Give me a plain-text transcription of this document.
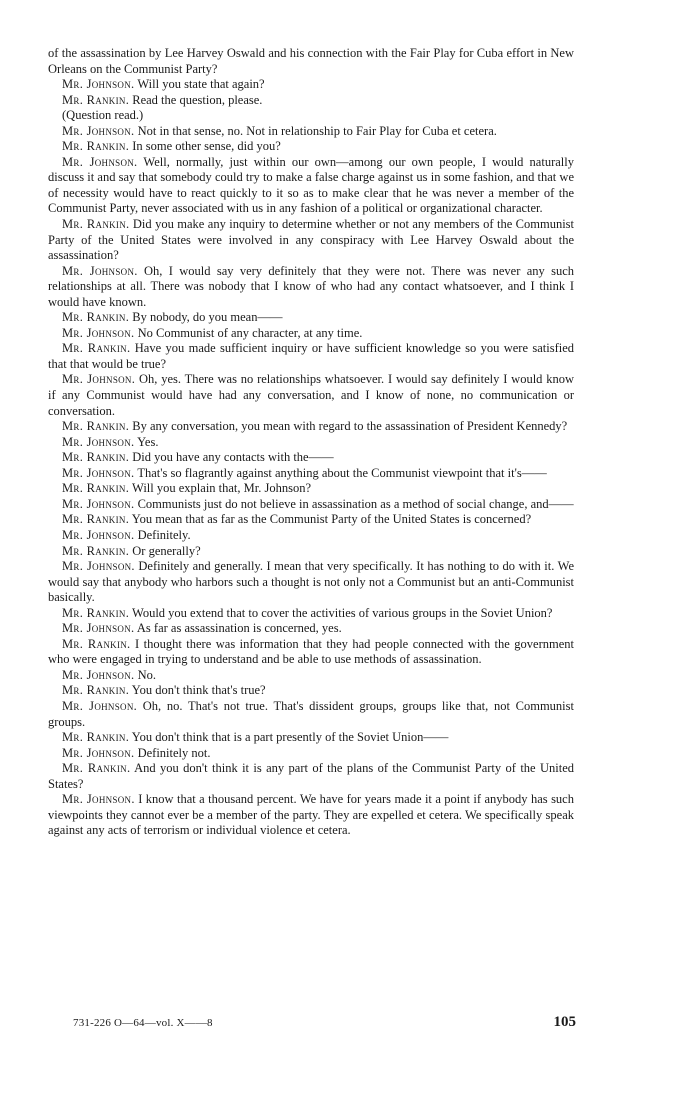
of the assassination by Lee Harvey Oswald and his connection with the Fair Play for Cuba effort in New Orleans on the Communist Party?

Mr. Johnson. Will you state that again?

Mr. Rankin. Read the question, please.

(Question read.)

Mr. Johnson. Not in that sense, no. Not in relationship to Fair Play for Cuba et cetera.

Mr. Rankin. In some other sense, did you?

Mr. Johnson. Well, normally, just within our own—among our own people, I would naturally discuss it and say that somebody could try to make a false charge against us in some fashion, and that we of necessity would have to react quickly to it so as to make clear that he was never a member of the Communist Party, never associated with us in any fashion of a political or organizational character.

Mr. Rankin. Did you make any inquiry to determine whether or not any members of the Communist Party of the United States were involved in any conspiracy with Lee Harvey Oswald about the assassination?

Mr. Johnson. Oh, I would say very definitely that they were not. There was never any such relationships at all. There was nobody that I know of who had any contact whatsoever, and I think I would have known.

Mr. Rankin. By nobody, do you mean——

Mr. Johnson. No Communist of any character, at any time.

Mr. Rankin. Have you made sufficient inquiry or have sufficient knowledge so you were satisfied that that would be true?

Mr. Johnson. Oh, yes. There was no relationships whatsoever. I would say definitely I would know if any Communist would have had any conversation, and I know of none, no communication or conversation.

Mr. Rankin. By any conversation, you mean with regard to the assassination of President Kennedy?

Mr. Johnson. Yes.

Mr. Rankin. Did you have any contacts with the——

Mr. Johnson. That's so flagrantly against anything about the Communist viewpoint that it's——

Mr. Rankin. Will you explain that, Mr. Johnson?

Mr. Johnson. Communists just do not believe in assassination as a method of social change, and——

Mr. Rankin. You mean that as far as the Communist Party of the United States is concerned?

Mr. Johnson. Definitely.

Mr. Rankin. Or generally?

Mr. Johnson. Definitely and generally. I mean that very specifically. It has nothing to do with it. We would say that anybody who harbors such a thought is not only not a Communist but an anti-Communist basically.

Mr. Rankin. Would you extend that to cover the activities of various groups in the Soviet Union?

Mr. Johnson. As far as assassination is concerned, yes.

Mr. Rankin. I thought there was information that they had people connected with the government who were engaged in trying to understand and be able to use methods of assassination.

Mr. Johnson. No.

Mr. Rankin. You don't think that's true?

Mr. Johnson. Oh, no. That's not true. That's dissident groups, groups like that, not Communist groups.

Mr. Rankin. You don't think that is a part presently of the Soviet Union——

Mr. Johnson. Definitely not.

Mr. Rankin. And you don't think it is any part of the plans of the Communist Party of the United States?

Mr. Johnson. I know that a thousand percent. We have for years made it a point if anybody has such viewpoints they cannot ever be a member of the party. They are expelled et cetera. We specifically speak against any acts of terrorism or individual violence et cetera.

731-226 O—64—vol. X——8	105
